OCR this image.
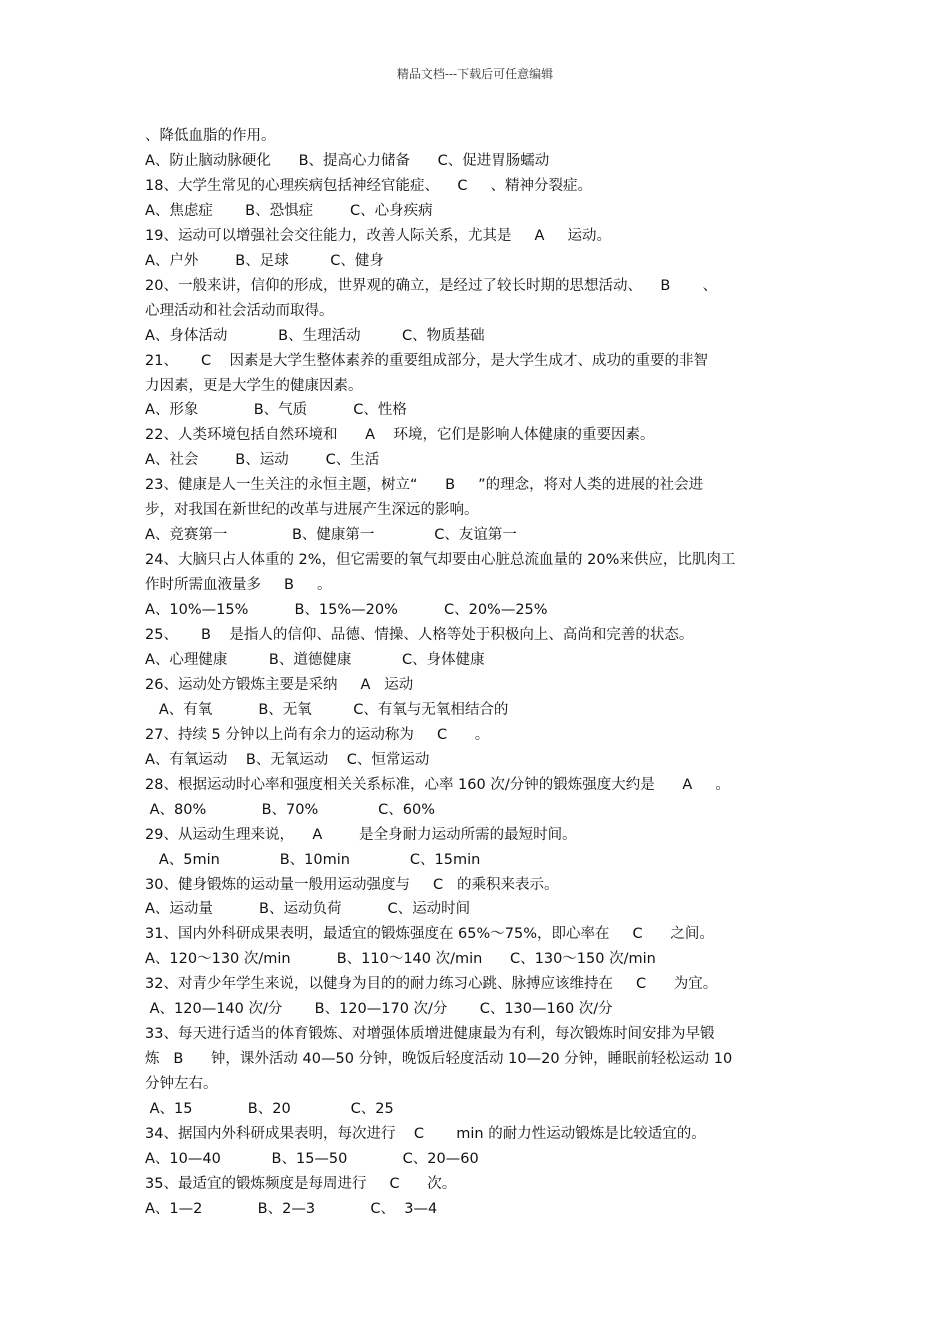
精品文档---下载后可任意编辑
、降低血脂的作用。
A、防止脑动脉硬化      B、提高心力储备      C、促进胃肠蠕动
18、大学生常见的心理疾病包括神经官能症、    C     、精神分裂症。
A、焦虑症       B、恐惧症        C、心身疾病
19、运动可以增强社会交往能力，改善人际关系，尤其是     A     运动。
A、户外        B、足球         C、健身
20、一般来讲，信仰的形成，世界观的确立，是经过了较长时期的思想活动、    B       、
心理活动和社会活动而取得。
A、身体活动           B、生理活动         C、物质基础
21、     C    因素是大学生整体素养的重要组成部分，是大学生成才、成功的重要的非智
力因素，更是大学生的健康因素。
A、形象            B、气质          C、性格
22、人类环境包括自然环境和      A    环境，它们是影响人体健康的重要因素。
A、社会        B、运动        C、生活
23、健康是人一生关注的永恒主题，树立“      B     ”的理念，将对人类的进展的社会进
步，对我国在新世纪的改革与进展产生深远的影响。
A、竞赛第一              B、健康第一             C、友谊第一
24、大脑只占人体重的 2%，但它需要的氧气却要由心脏总流血量的 20%来供应，比肌肉工
作时所需血液量多     B     。
A、10%—15%          B、15%—20%          C、20%—25%
25、     B    是指人的信仰、品德、情操、人格等处于积极向上、高尚和完善的状态。
A、心理健康         B、道德健康           C、身体健康
26、运动处方锻炼主要是采纳     A   运动
A、有氧          B、无氧         C、有氧与无氧相结合的
27、持续 5 分钟以上尚有余力的运动称为     C      。
A、有氧运动    B、无氧运动    C、恒常运动
28、根据运动时心率和强度相关关系标准，心率 160 次/分钟的锻炼强度大约是      A     。
A、80%            B、70%             C、60%
29、从运动生理来说，    A        是全身耐力运动所需的最短时间。
A、5min             B、10min             C、15min
30、健身锻炼的运动量一般用运动强度与     C   的乘积来表示。
A、运动量          B、运动负荷          C、运动时间
31、国内外科研成果表明，最适宜的锻炼强度在 65%～75%，即心率在     C      之间。
A、120～130 次/min          B、110～140 次/min      C、130～150 次/min
32、对青少年学生来说，以健身为目的的耐力练习心跳、脉搏应该维持在     C      为宜。
A、120—140 次/分       B、120—170 次/分       C、130—160 次/分
33、每天进行适当的体育锻炼、对增强体质增进健康最为有利，每次锻炼时间安排为早锻
炼   B      钟，课外活动 40—50 分钟，晚饭后轻度活动 10—20 分钟，睡眠前轻松运动 10
分钟左右。
A、15            B、20             C、25
34、据国内外科研成果表明，每次进行    C       min 的耐力性运动锻炼是比较适宜的。
A、10—40           B、15—50            C、20—60
35、最适宜的锻炼频度是每周进行     C      次。
A、1—2            B、2—3            C、  3—4
